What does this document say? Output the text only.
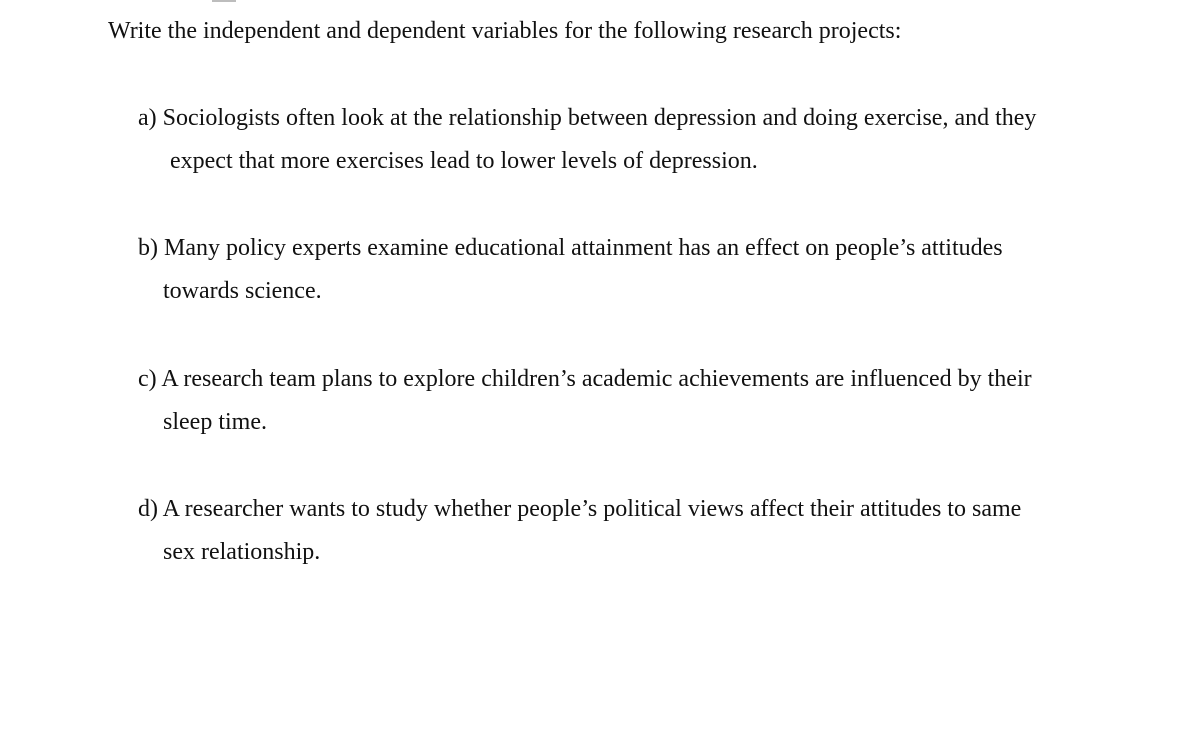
Write the independent and dependent variables for the following research projects:
a) Sociologists often look at the relationship between depression and doing exercise, and they
expect that more exercises lead to lower levels of depression.
b) Many policy experts examine educational attainment has an effect on people’s attitudes
towards science.
c) A research team plans to explore children’s academic achievements are influenced by their
sleep time.
d) A researcher wants to study whether people’s political views affect their attitudes to same
sex relationship.
